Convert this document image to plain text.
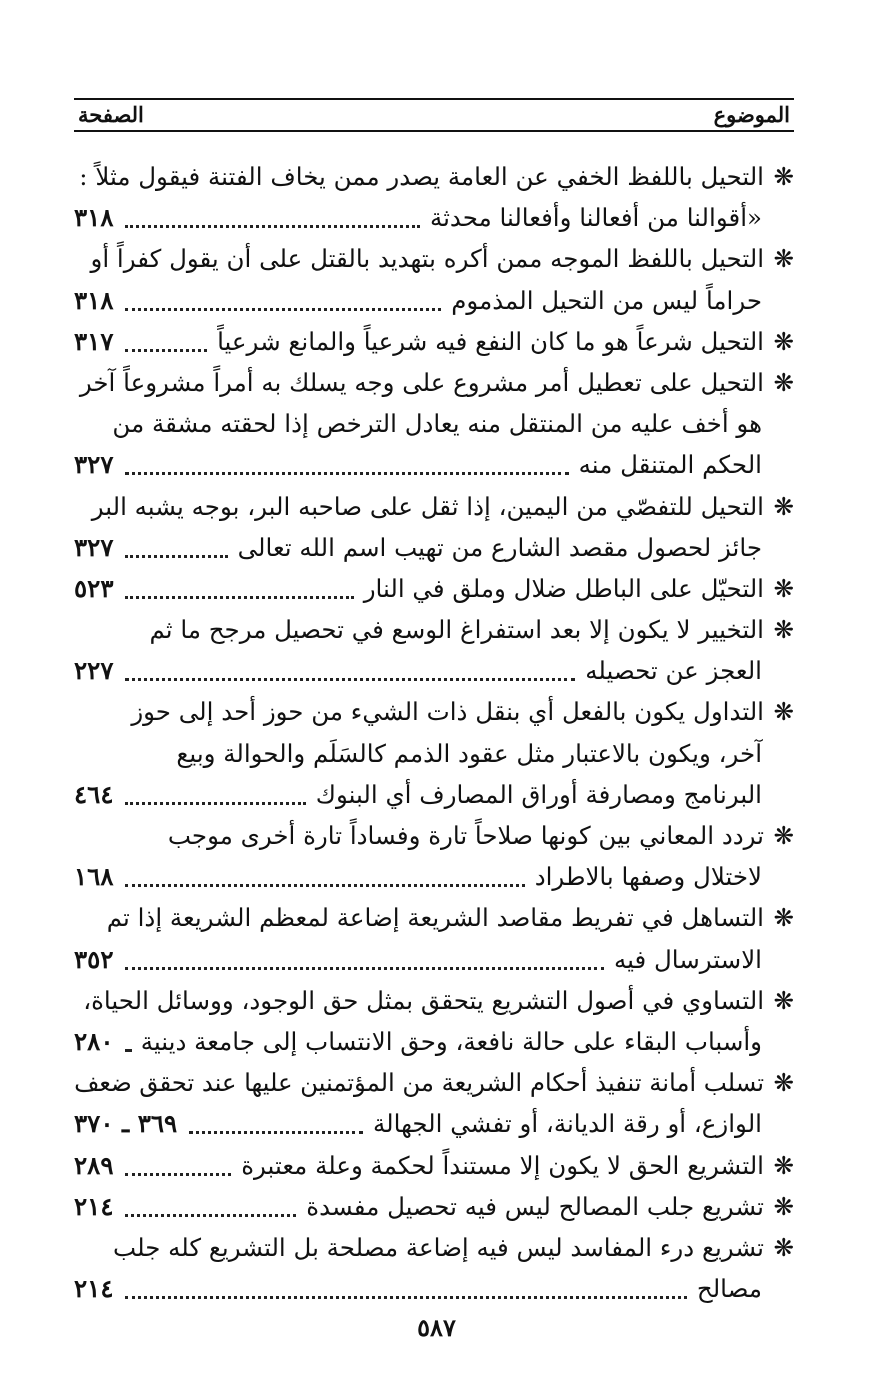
الموضوع
الصفحة
❋
التحيل باللفظ الخفي عن العامة يصدر ممن يخاف الفتنة فيقول مثلاً :
«أقوالنا من أفعالنا وأفعالنا محدثة
٣١٨
❋
التحيل باللفظ الموجه ممن أكره بتهديد بالقتل على أن يقول كفراً أو
حراماً ليس من التحيل المذموم
٣١٨
❋
التحيل شرعاً هو ما كان النفع فيه شرعياً والمانع شرعياً
٣١٧
❋
التحيل على تعطيل أمر مشروع على وجه يسلك به أمراً مشروعاً آخر
هو أخف عليه من المنتقل منه يعادل الترخص إذا لحقته مشقة من
الحكم المتنقل منه
٣٢٧
❋
التحيل للتفصّي من اليمين، إذا ثقل على صاحبه البر، بوجه يشبه البر
جائز لحصول مقصد الشارع من تهيب اسم الله تعالى
٣٢٧
❋
التحيّل على الباطل ضلال وملق في النار
٥٢٣
❋
التخيير لا يكون إلا بعد استفراغ الوسع في تحصيل مرجح ما ثم
العجز عن تحصيله
٢٢٧
❋
التداول يكون بالفعل أي بنقل ذات الشيء من حوز أحد إلى حوز
آخر، ويكون بالاعتبار مثل عقود الذمم كالسَلَم والحوالة وبيع
البرنامج ومصارفة أوراق المصارف أي البنوك
٤٦٤
❋
تردد المعاني بين كونها صلاحاً تارة وفساداً تارة أخرى موجب
لاختلال وصفها بالاطراد
١٦٨
❋
التساهل في تفريط مقاصد الشريعة إضاعة لمعظم الشريعة إذا تم
الاسترسال فيه
٣٥٢
❋
التساوي في أصول التشريع يتحقق بمثل حق الوجود، ووسائل الحياة،
وأسباب البقاء على حالة نافعة، وحق الانتساب إلى جامعة دينية
٢٨٠
❋
تسلب أمانة تنفيذ أحكام الشريعة من المؤتمنين عليها عند تحقق ضعف
الوازع، أو رقة الديانة، أو تفشي الجهالة
٣٦٩ ـ ٣٧٠
❋
التشريع الحق لا يكون إلا مستنداً لحكمة وعلة معتبرة
٢٨٩
❋
تشريع جلب المصالح ليس فيه تحصيل مفسدة
٢١٤
❋
تشريع درء المفاسد ليس فيه إضاعة مصلحة بل التشريع كله جلب
مصالح
٢١٤
٥٨٧
